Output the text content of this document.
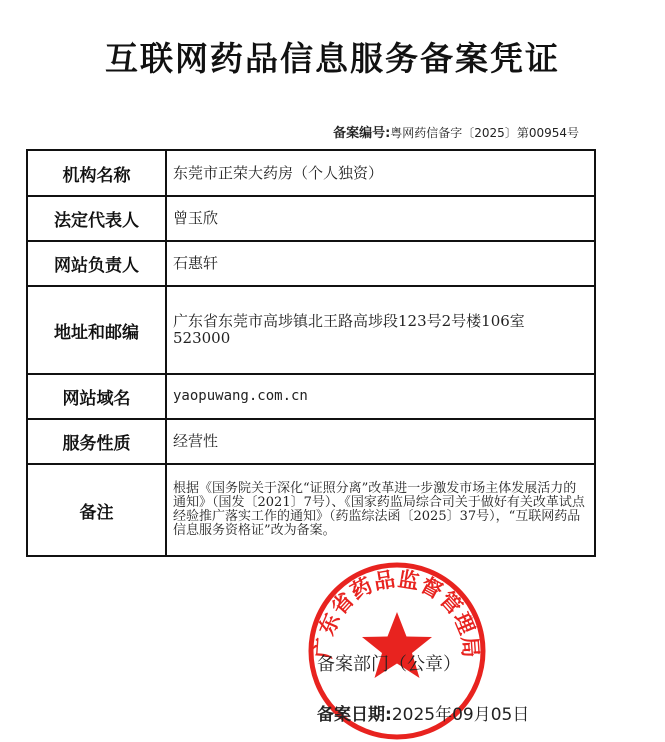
互联网药品信息服务备案凭证
备案编号:粤网药信备字〔2025〕第00954号
机构名称	东莞市正荣大药房（个人独资）
法定代表人	曾玉欣
网站负责人	石惠轩
地址和邮编	广东省东莞市高埗镇北王路高埗段123号2号楼106室
523000

网站域名	yaopuwang.com.cn
服务性质	经营性
备注	根据《国务院关于深化“证照分离”改革进一步激发市场主体发展活力的通知》（国发〔2021〕7号）、《国家药监局综合司关于做好有关改革试点经验推广落实工作的通知》（药监综法函〔2025〕37号），“互联网药品信息服务资格证”改为备案。
广东省药品监督管理局
备案部门（公章）
备案日期:2025年09月05日
